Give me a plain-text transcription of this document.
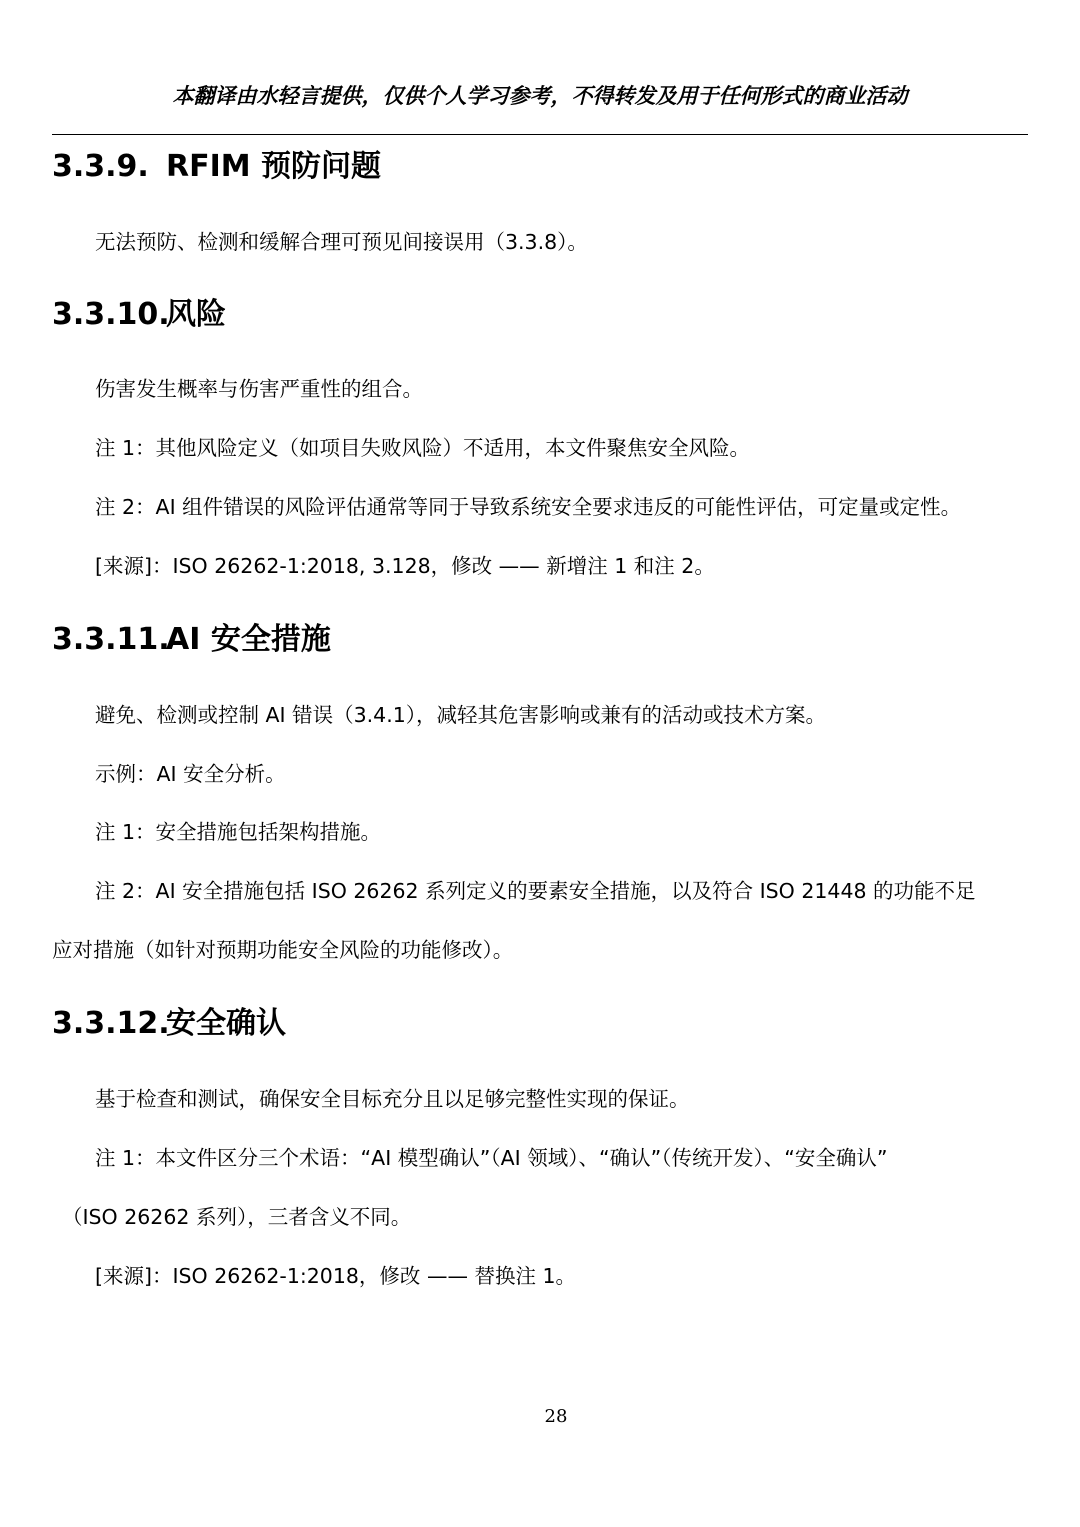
本翻译由水轻言提供，仅供个人学习参考，不得转发及用于任何形式的商业活动
3.3.9. RFIM 预防问题
无法预防、检测和缓解合理可预见间接误用（3.3.8）。
3.3.10.风险
伤害发生概率与伤害严重性的组合。
注 1：其他风险定义（如项目失败风险）不适用，本文件聚焦安全风险。
注 2：AI 组件错误的风险评估通常等同于导致系统安全要求违反的可能性评估，可定量或定性。
[来源]：ISO 26262-1:2018, 3.128，修改 —— 新增注 1 和注 2。
3.3.11.AI 安全措施
避免、检测或控制 AI 错误（3.4.1），减轻其危害影响或兼有的活动或技术方案。
示例：AI 安全分析。
注 1：安全措施包括架构措施。
注 2：AI 安全措施包括 ISO 26262 系列定义的要素安全措施，以及符合 ISO 21448 的功能不足
应对措施（如针对预期功能安全风险的功能修改）。
3.3.12.安全确认
基于检查和测试，确保安全目标充分且以足够完整性实现的保证。
注 1：本文件区分三个术语：“AI 模型确认”（AI 领域）、“确认”（传统开发）、“安全确认”
（ISO 26262 系列），三者含义不同。
[来源]：ISO 26262-1:2018，修改 —— 替换注 1。
28
